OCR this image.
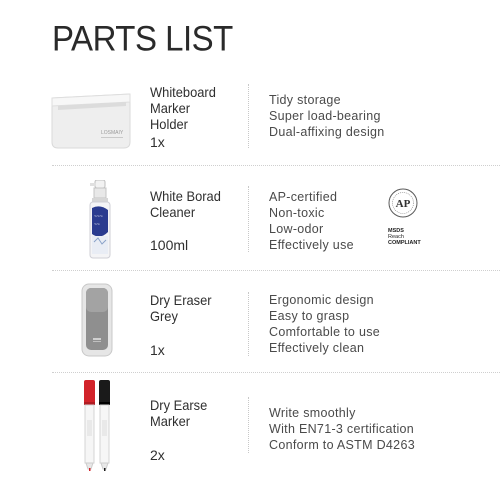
PARTS LIST
LOSMAIY
Whiteboard
Marker
Holder
1x
Tidy storage
Super load-bearing
Dual-affixing design
~~~
~~
White Borad
Cleaner
100ml
AP-certified
Non-toxic
Low-odor
Effectively use
AP
MSDS
Reach
COMPLIANT
Dry Eraser
Grey
1x
Ergonomic design
Easy to grasp
Comfortable to use
Effectively clean
Dry Earse
Marker
2x
Write smoothly
With EN71-3 certification
Conform to ASTM D4263
